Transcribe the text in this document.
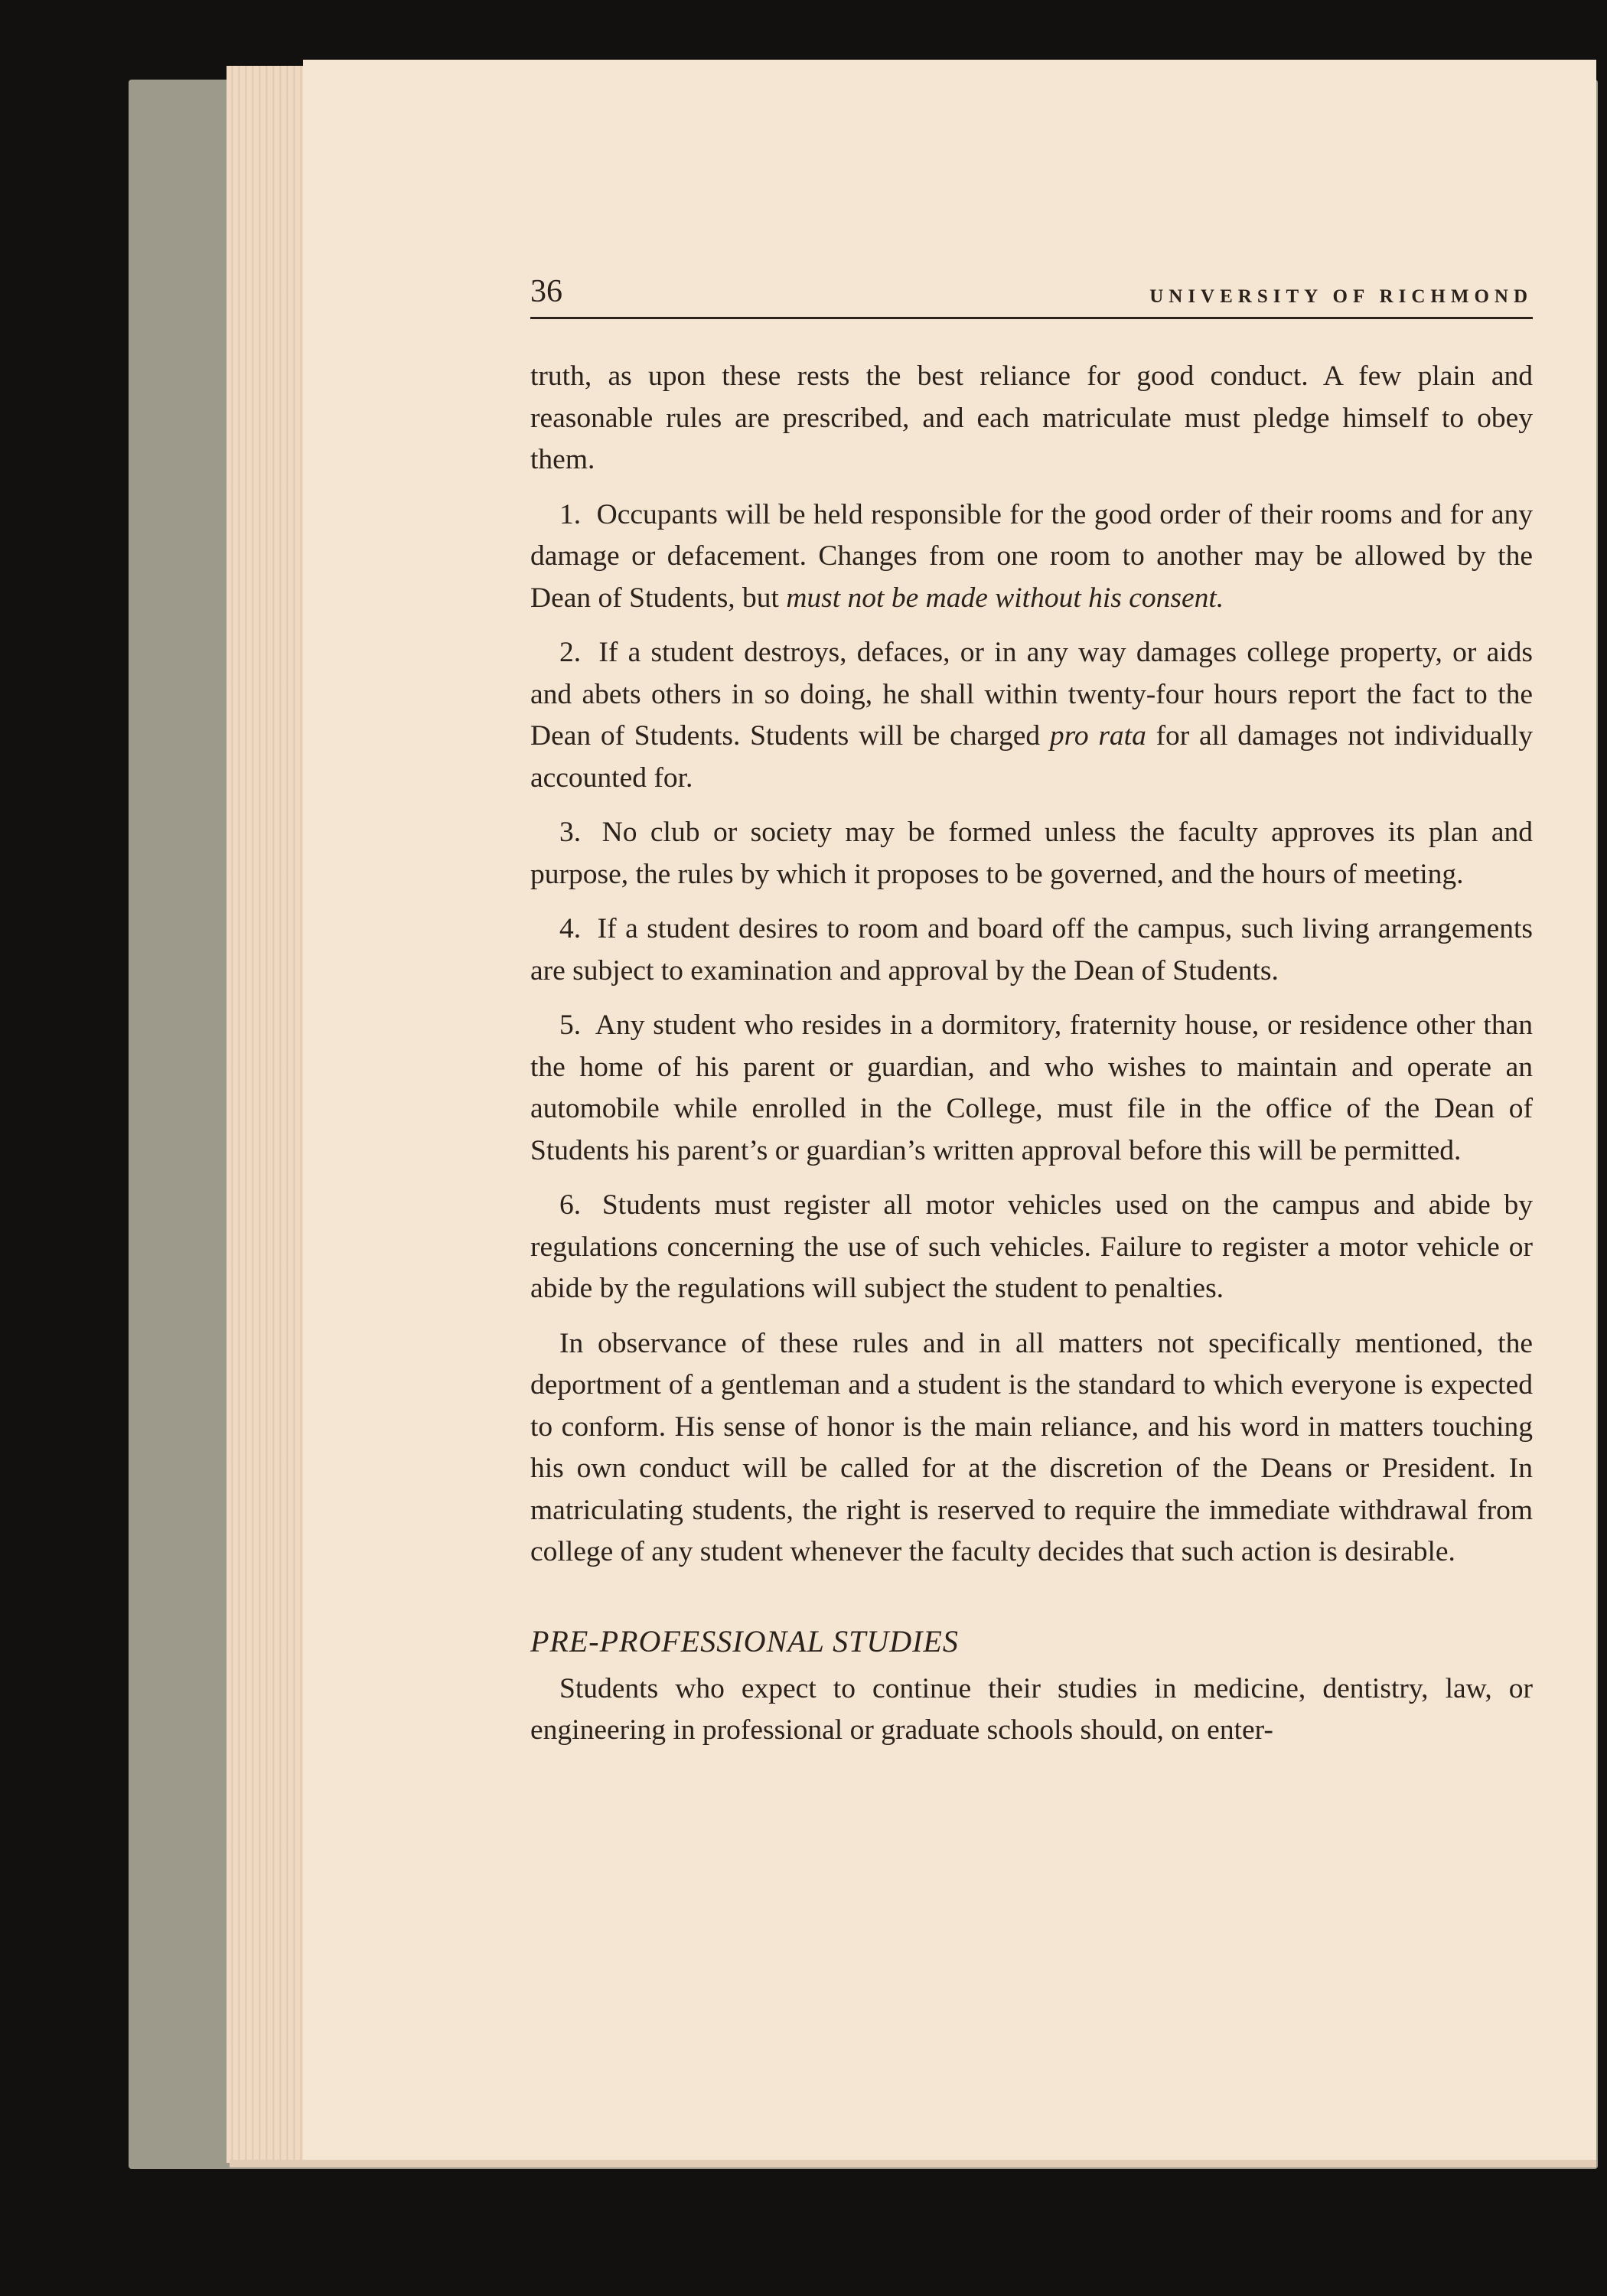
36	UNIVERSITY OF RICHMOND

truth, as upon these rests the best reliance for good conduct. A few plain and reasonable rules are prescribed, and each matriculate must pledge himself to obey them.

1. Occupants will be held responsible for the good order of their rooms and for any damage or defacement. Changes from one room to another may be allowed by the Dean of Students, but must not be made without his consent.

2. If a student destroys, defaces, or in any way damages college property, or aids and abets others in so doing, he shall within twenty-four hours report the fact to the Dean of Students. Students will be charged pro rata for all damages not individually accounted for.

3. No club or society may be formed unless the faculty approves its plan and purpose, the rules by which it proposes to be governed, and the hours of meeting.

4. If a student desires to room and board off the campus, such living arrangements are subject to examination and approval by the Dean of Students.

5. Any student who resides in a dormitory, fraternity house, or residence other than the home of his parent or guardian, and who wishes to maintain and operate an automobile while enrolled in the College, must file in the office of the Dean of Students his parent’s or guardian’s written approval before this will be permitted.

6. Students must register all motor vehicles used on the campus and abide by regulations concerning the use of such vehicles. Failure to register a motor vehicle or abide by the regulations will subject the student to penalties.

In observance of these rules and in all matters not specifically mentioned, the deportment of a gentleman and a student is the standard to which everyone is expected to conform. His sense of honor is the main reliance, and his word in matters touching his own conduct will be called for at the discretion of the Deans or President. In matriculating students, the right is reserved to require the immediate withdrawal from college of any student whenever the faculty decides that such action is desirable.

PRE-PROFESSIONAL STUDIES

Students who expect to continue their studies in medicine, dentistry, law, or engineering in professional or graduate schools should, on enter-
